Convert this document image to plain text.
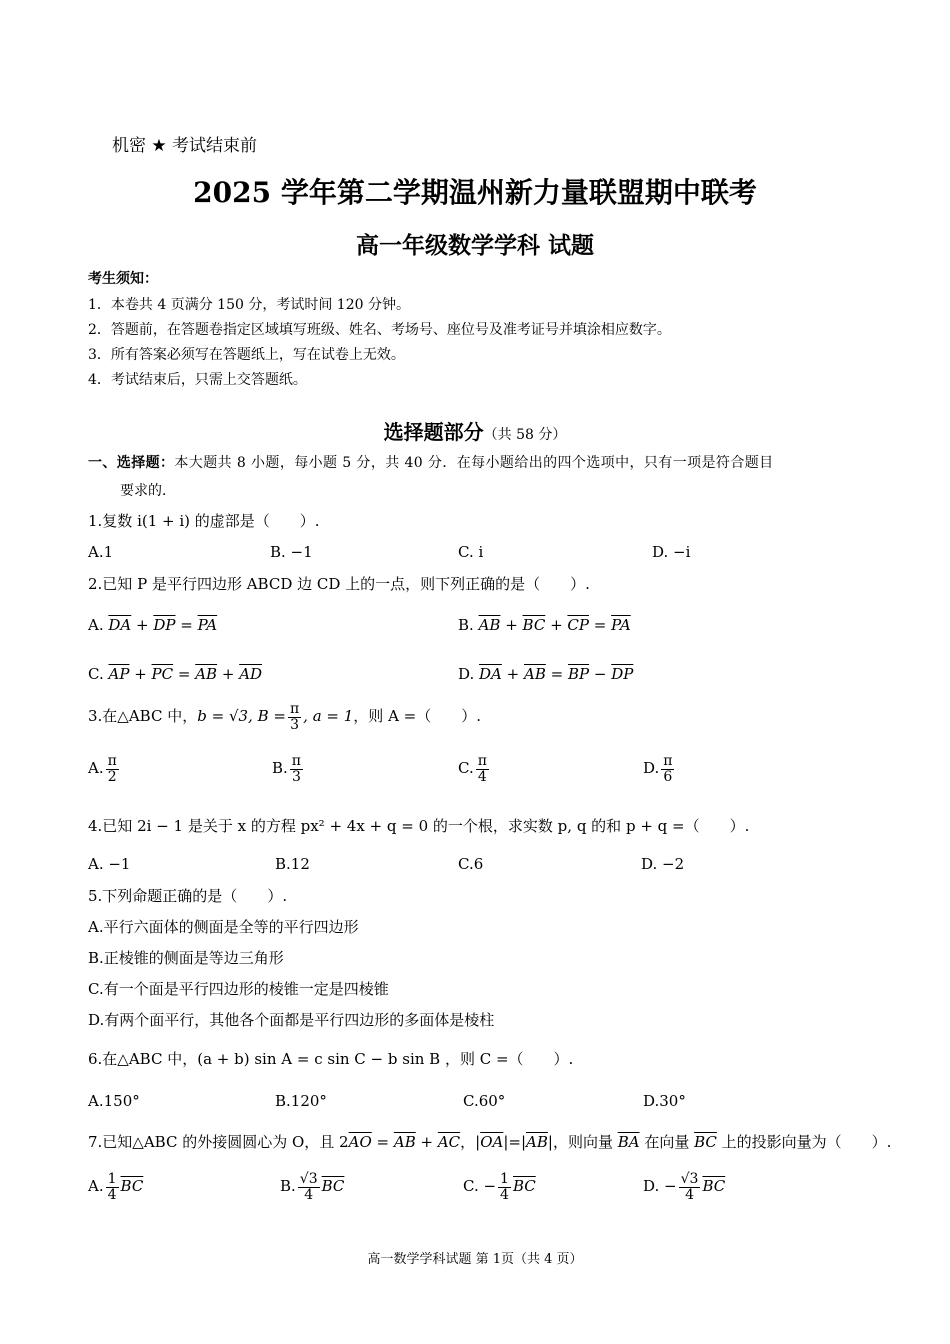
机密 ★ 考试结束前
2025 学年第二学期温州新力量联盟期中联考
高一年级数学学科 试题
考生须知：
1．本卷共 4 页满分 150 分，考试时间 120 分钟。
2．答题前，在答题卷指定区域填写班级、姓名、考场号、座位号及准考证号并填涂相应数字。
3．所有答案必须写在答题纸上，写在试卷上无效。
4．考试结束后，只需上交答题纸。
选择题部分（共 58 分）
一、选择题：本大题共 8 小题，每小题 5 分，共 40 分．在每小题给出的四个选项中，只有一项是符合题目
要求的．
1.复数 i(1 + i) 的虚部是（　　）.
A.1	B. −1	C. i	D. −i
2.已知 P 是平行四边形 ABCD 边 CD 上的一点，则下列正确的是（　　）.
A. $\overline{DA} + \overline{DP} = \overline{PA}$	B. $\overline{AB} + \overline{BC} + \overline{CP} = \overline{PA}$
C. $\overline{AP} + \overline{PC} = \overline{AB} + \overline{AD}$	D. $\overline{DA} + \overline{AB} = \overline{BP} - \overline{DP}$
3.在△ABC 中，b = √3, $B = \frac{\pi}{3}$ , a = 1，则 A =（　　）.
A. $\frac{\pi}{2}$	B. $\frac{\pi}{3}$	C. $\frac{\pi}{4}$	D. $\frac{\pi}{6}$
4.已知 2i − 1 是关于 x 的方程 px² + 4x + q = 0 的一个根，求实数 p, q 的和 p + q =（　　）.
A. −1	B.12	C.6	D. −2
5.下列命题正确的是（　　）.
A.平行六面体的侧面是全等的平行四边形
B.正棱锥的侧面是等边三角形
C.有一个面是平行四边形的棱锥一定是四棱锥
D.有两个面平行，其他各个面都是平行四边形的多面体是棱柱
6.在△ABC 中，(a + b) sin A = c sin C − b sin B ，则 C =（　　）.
A.150°	B.120°	C.60°	D.30°
7.已知△ABC 的外接圆圆心为 O，且 $2\overline{AO} = \overline{AB} + \overline{AC}$，$|\overline{OA}|=|\overline{AB}|$，则向量 $\overline{BA}$ 在向量 $\overline{BC}$ 上的投影向量为（　　）.
A. $\frac{1}{4} \overline{BC}$	B. $\frac{√3}{4} \overline{BC}$	C. − $\frac{1}{4} \overline{BC}$	D. − $\frac{√3}{4} \overline{BC}$
高一数学学科试题 第 1页（共 4 页）
